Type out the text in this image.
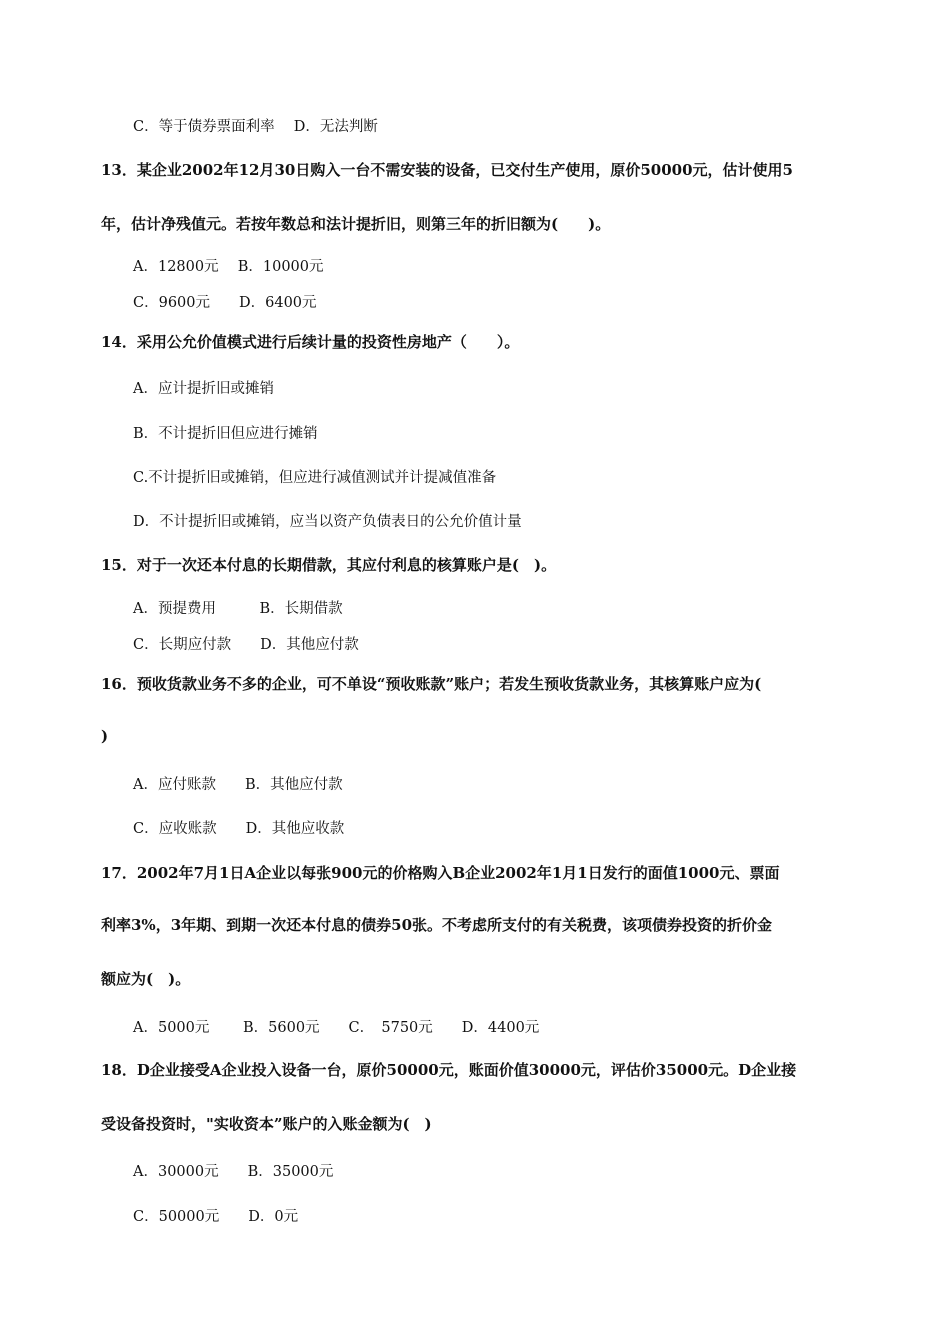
C．等于债券票面利率　 D．无法判断
13．某企业2002年12月30日购入一台不需安装的设备，已交付生产使用，原价50000元，估计使用5
年，估计净残值元。若按年数总和法计提折旧，则第三年的折旧额为(　　)。
A．12800元　 B．10000元
C．9600元　　D．6400元
14．采用公允价值模式进行后续计量的投资性房地产（　　）。
A．应计提折旧或摊销
B．不计提折旧但应进行摊销
C.不计提折旧或摊销，但应进行减值测试并计提减值准备
D．不计提折旧或摊销，应当以资产负债表日的公允价值计量
15．对于一次还本付息的长期借款，其应付利息的核算账户是(　)。
A．预提费用　　　B．长期借款
C．长期应付款　　D．其他应付款
16．预收货款业务不多的企业，可不单设“预收账款”账户；若发生预收货款业务，其核算账户应为(
)
A．应付账款　　B．其他应付款
C．应收账款　　D．其他应收款
17．2002年7月1日A企业以每张900元的价格购入B企业2002年1月1日发行的面值1000元、票面
利率3%，3年期、到期一次还本付息的债券50张。不考虑所支付的有关税费，该项债券投资的折价金
额应为(　)。
A．5000元　　 B．5600元　　C．　5750元　　D．4400元
18．D企业接受A企业投入设备一台，原价50000元，账面价值30000元，评估价35000元。D企业接
受设备投资时，"实收资本”账户的入账金额为(　)
A．30000元　　B．35000元
C．50000元　　D．0元
